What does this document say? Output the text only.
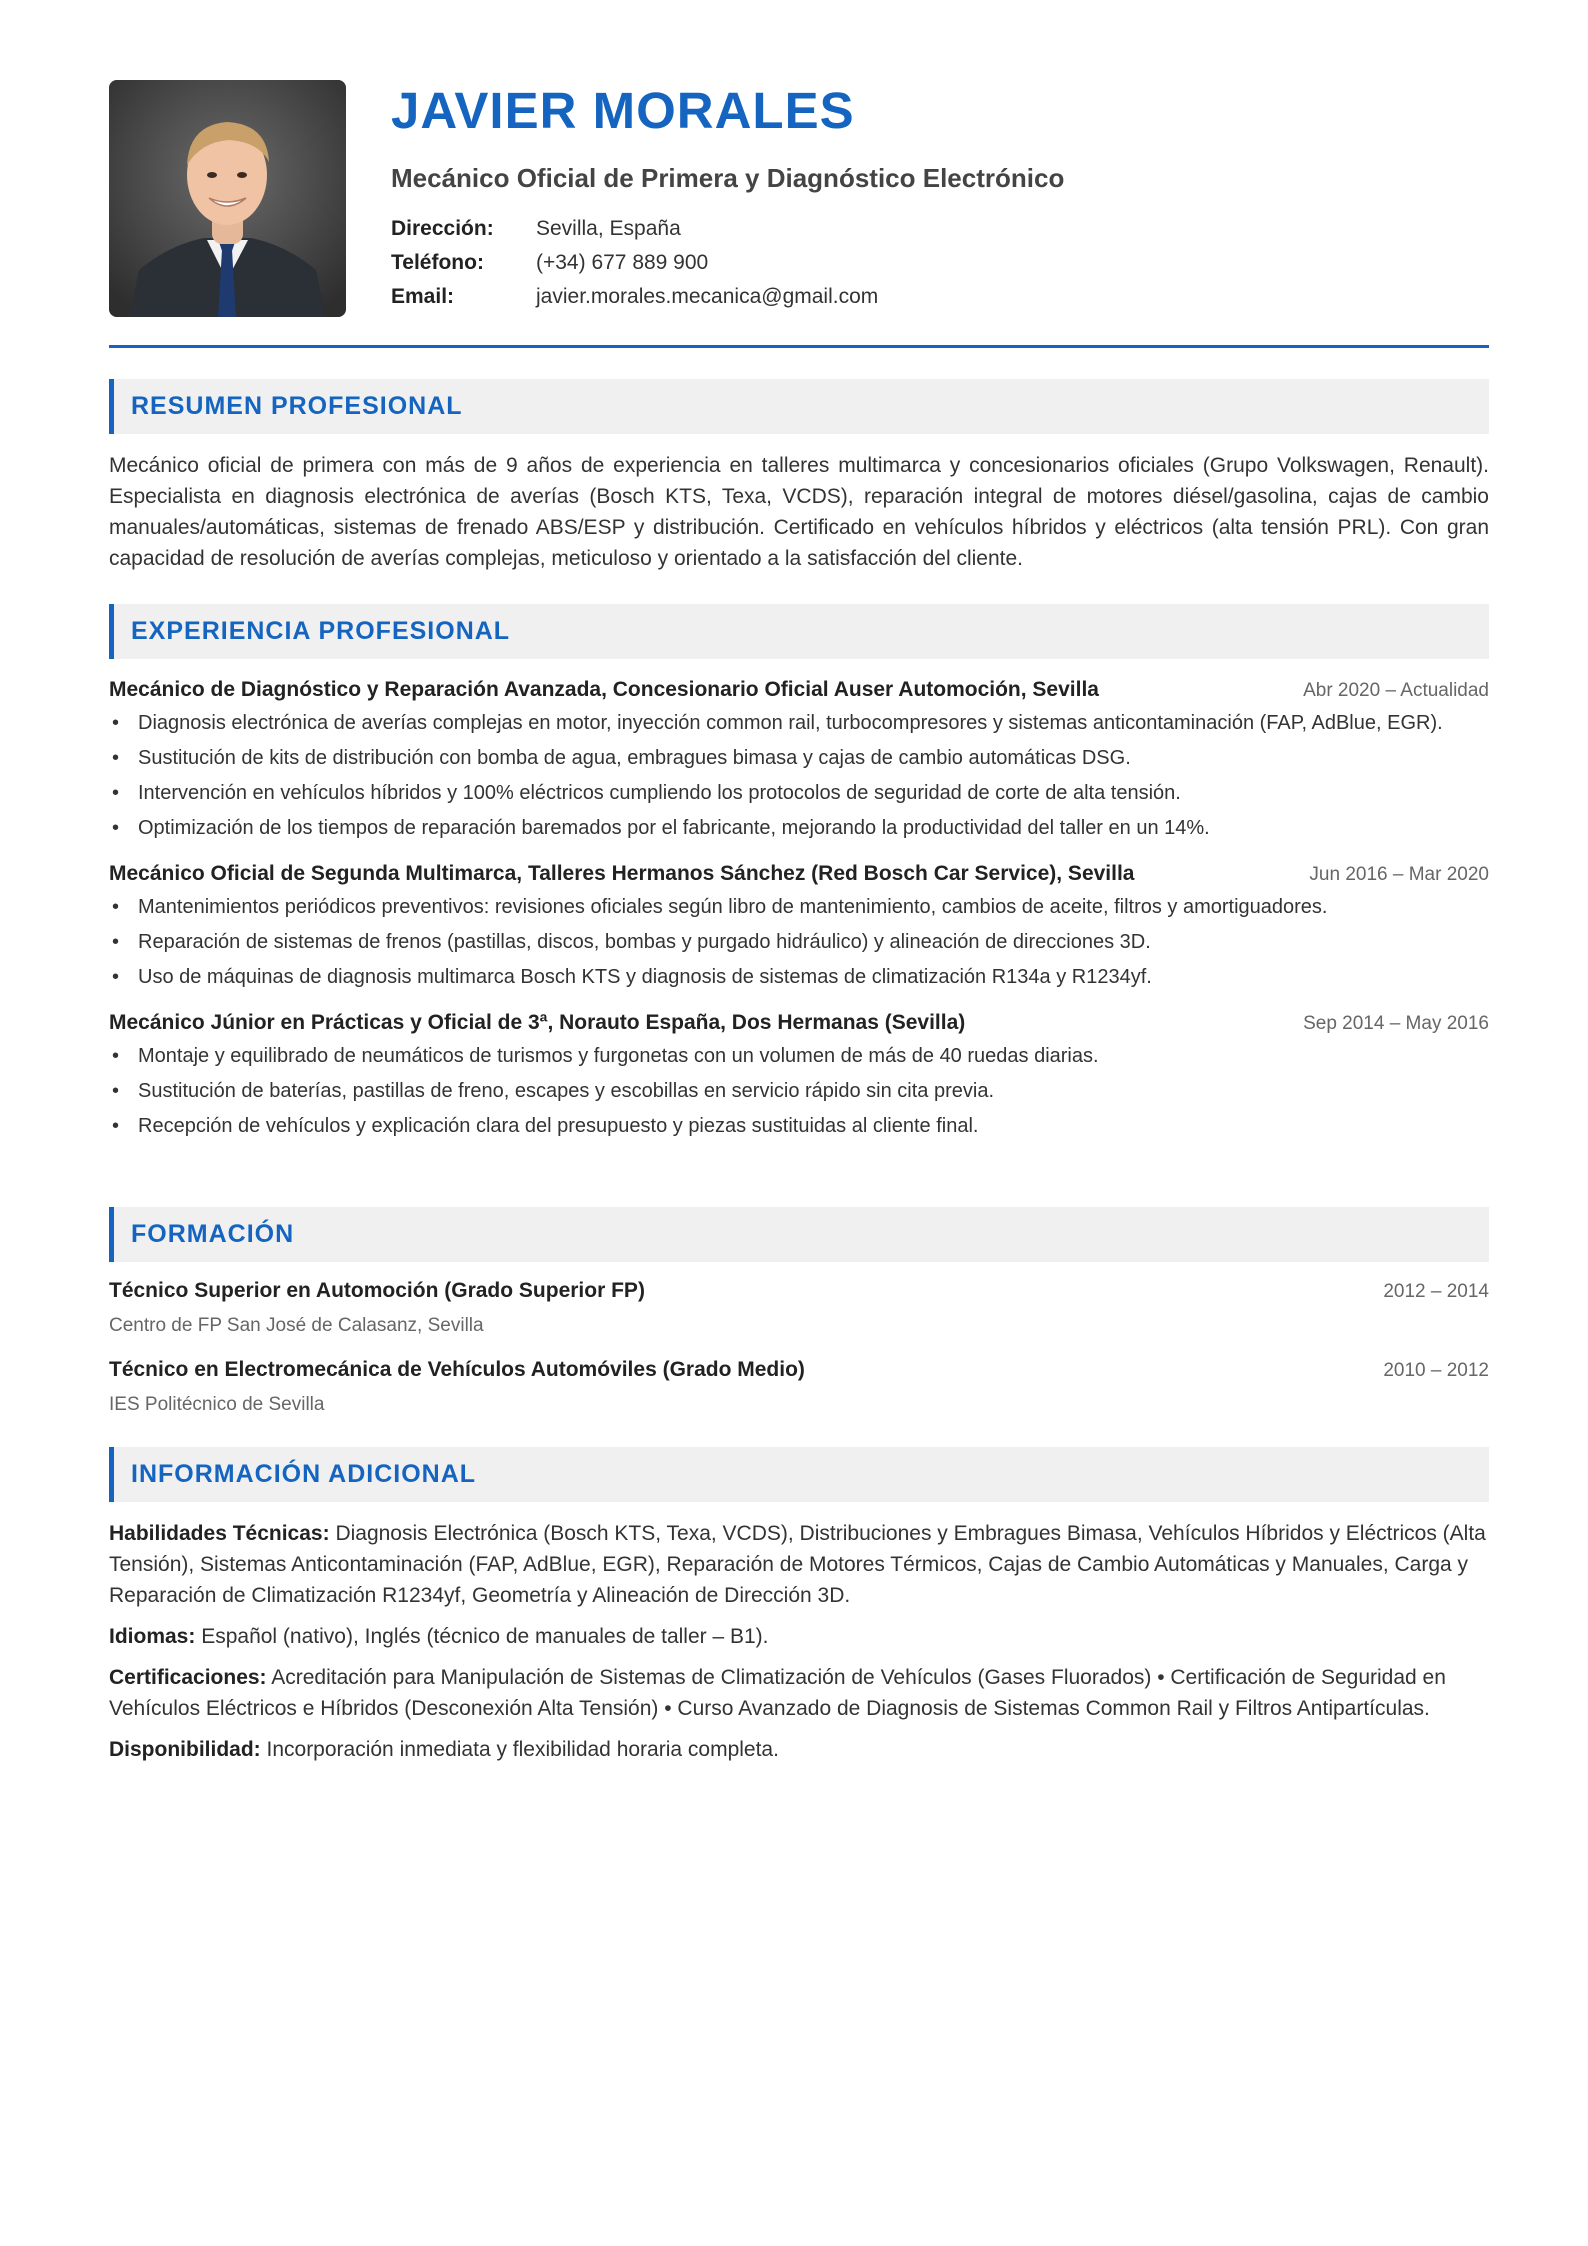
JAVIER MORALES
Mecánico Oficial de Primera y Diagnóstico Electrónico
Dirección:	Sevilla, España
Teléfono:	(+34) 677 889 900
Email:	javier.morales.mecanica@gmail.com
RESUMEN PROFESIONAL

Mecánico oficial de primera con más de 9 años de experiencia en talleres multimarca y concesionarios oficiales (Grupo Volkswagen, Renault). Especialista en diagnosis electrónica de averías (Bosch KTS, Texa, VCDS), reparación integral de motores diésel/gasolina, cajas de cambio manuales/automáticas, sistemas de frenado ABS/ESP y distribución. Certificado en vehículos híbridos y eléctricos (alta tensión PRL). Con gran capacidad de resolución de averías complejas, meticuloso y orientado a la satisfacción del cliente.

EXPERIENCIA PROFESIONAL
Mecánico de Diagnóstico y Reparación Avanzada, Concesionario Oficial Auser Automoción, Sevilla	Abr 2020 – Actualidad
• Diagnosis electrónica de averías complejas en motor, inyección common rail, turbocompresores y sistemas anticontaminación (FAP, AdBlue, EGR).
• Sustitución de kits de distribución con bomba de agua, embragues bimasa y cajas de cambio automáticas DSG.
• Intervención en vehículos híbridos y 100% eléctricos cumpliendo los protocolos de seguridad de corte de alta tensión.
• Optimización de los tiempos de reparación baremados por el fabricante, mejorando la productividad del taller en un 14%.
Mecánico Oficial de Segunda Multimarca, Talleres Hermanos Sánchez (Red Bosch Car Service), Sevilla	Jun 2016 – Mar 2020
• Mantenimientos periódicos preventivos: revisiones oficiales según libro de mantenimiento, cambios de aceite, filtros y amortiguadores.
• Reparación de sistemas de frenos (pastillas, discos, bombas y purgado hidráulico) y alineación de direcciones 3D.
• Uso de máquinas de diagnosis multimarca Bosch KTS y diagnosis de sistemas de climatización R134a y R1234yf.
Mecánico Júnior en Prácticas y Oficial de 3ª, Norauto España, Dos Hermanas (Sevilla)	Sep 2014 – May 2016
• Montaje y equilibrado de neumáticos de turismos y furgonetas con un volumen de más de 40 ruedas diarias.
• Sustitución de baterías, pastillas de freno, escapes y escobillas en servicio rápido sin cita previa.
• Recepción de vehículos y explicación clara del presupuesto y piezas sustituidas al cliente final.
FORMACIÓN
Técnico Superior en Automoción (Grado Superior FP)	2012 – 2014
Centro de FP San José de Calasanz, Sevilla
Técnico en Electromecánica de Vehículos Automóviles (Grado Medio)	2010 – 2012
IES Politécnico de Sevilla
INFORMACIÓN ADICIONAL

Habilidades Técnicas: Diagnosis Electrónica (Bosch KTS, Texa, VCDS), Distribuciones y Embragues Bimasa, Vehículos Híbridos y Eléctricos (Alta Tensión), Sistemas Anticontaminación (FAP, AdBlue, EGR), Reparación de Motores Térmicos, Cajas de Cambio Automáticas y Manuales, Carga y Reparación de Climatización R1234yf, Geometría y Alineación de Dirección 3D.

Idiomas: Español (nativo), Inglés (técnico de manuales de taller – B1).

Certificaciones: Acreditación para Manipulación de Sistemas de Climatización de Vehículos (Gases Fluorados) • Certificación de Seguridad en Vehículos Eléctricos e Híbridos (Desconexión Alta Tensión) • Curso Avanzado de Diagnosis de Sistemas Common Rail y Filtros Antipartículas.

Disponibilidad: Incorporación inmediata y flexibilidad horaria completa.
